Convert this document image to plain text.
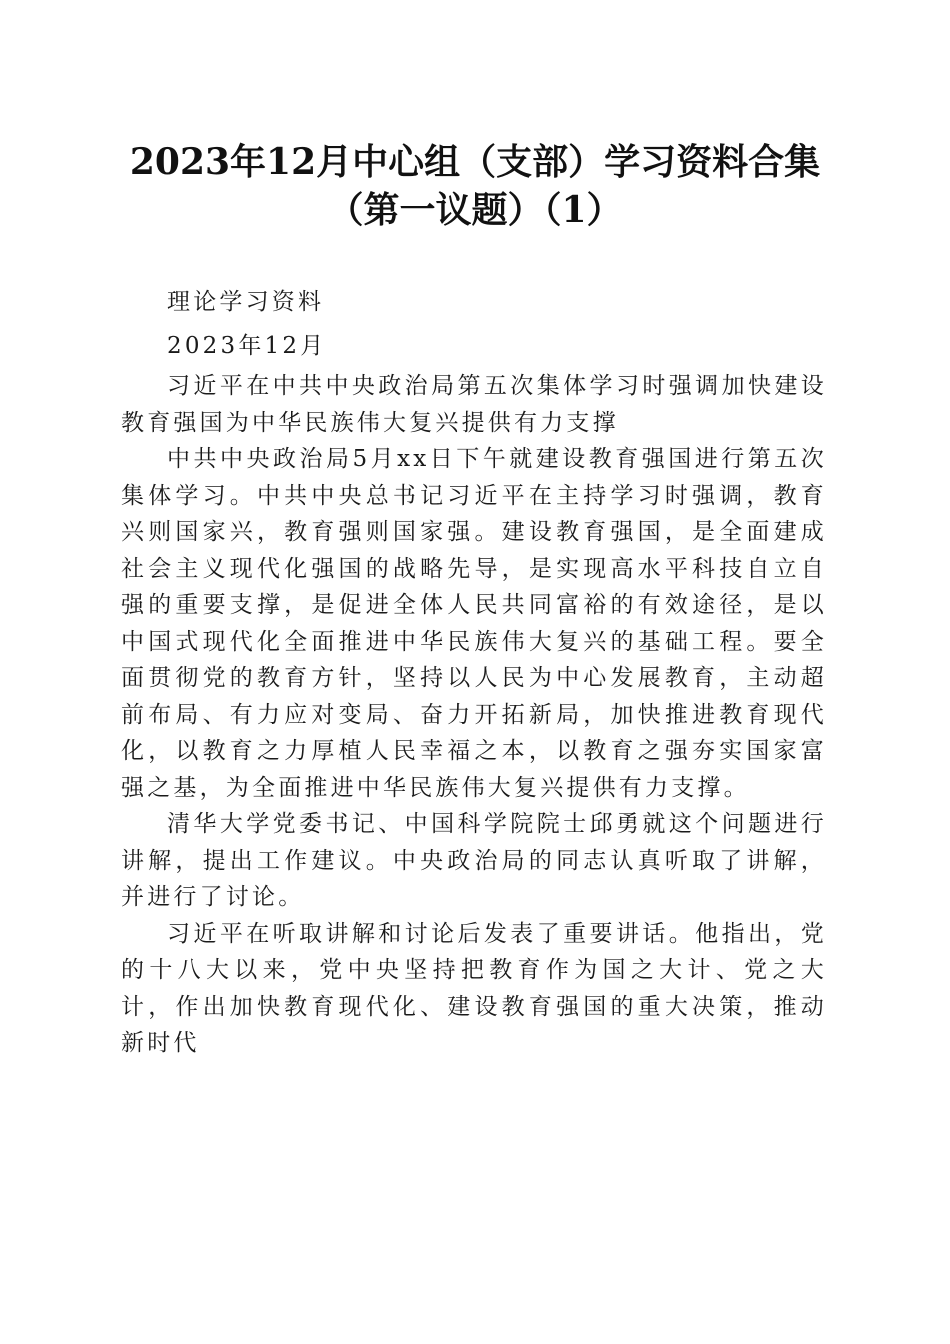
2023年12月中心组（支部）学习资料合集
（第一议题）（1）

理论学习资料

2023年12月

习近平在中共中央政治局第五次集体学习时强调加快建设教育强国为中华民族伟大复兴提供有力支撑

中共中央政治局5月xx日下午就建设教育强国进行第五次集体学习。中共中央总书记习近平在主持学习时强调，教育兴则国家兴，教育强则国家强。建设教育强国，是全面建成社会主义现代化强国的战略先导，是实现高水平科技自立自强的重要支撑，是促进全体人民共同富裕的有效途径，是以中国式现代化全面推进中华民族伟大复兴的基础工程。要全面贯彻党的教育方针，坚持以人民为中心发展教育，主动超前布局、有力应对变局、奋力开拓新局，加快推进教育现代化，以教育之力厚植人民幸福之本，以教育之强夯实国家富强之基，为全面推进中华民族伟大复兴提供有力支撑。

清华大学党委书记、中国科学院院士邱勇就这个问题进行讲解，提出工作建议。中央政治局的同志认真听取了讲解，并进行了讨论。

习近平在听取讲解和讨论后发表了重要讲话。他指出，党的十八大以来，党中央坚持把教育作为国之大计、党之大计，作出加快教育现代化、建设教育强国的重大决策，推动新时代
